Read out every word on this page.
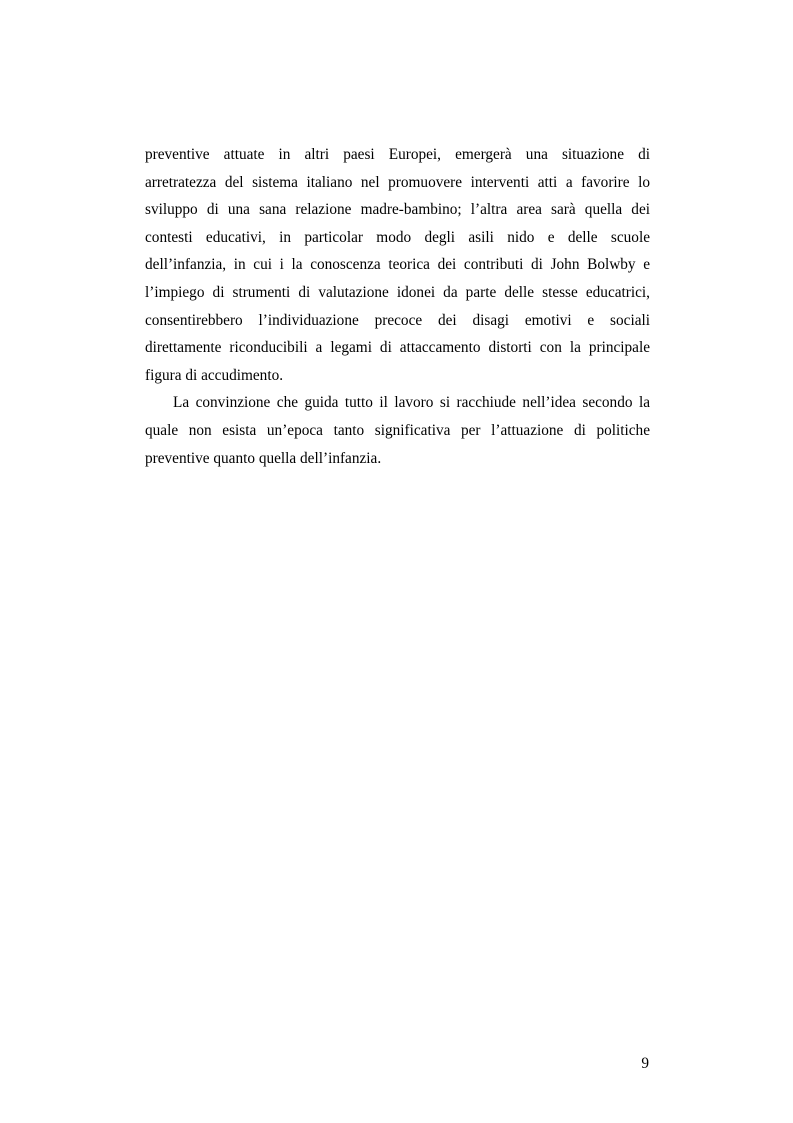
preventive attuate in altri paesi Europei, emergerà una situazione di
arretratezza del sistema italiano nel promuovere interventi atti a favorire lo
sviluppo di una sana relazione madre-bambino; l’altra area sarà quella dei
contesti educativi, in particolar modo degli asili nido e delle scuole
dell’infanzia, in cui i la conoscenza teorica dei contributi di John Bolwby e
l’impiego di strumenti di valutazione idonei da parte delle stesse educatrici,
consentirebbero l’individuazione precoce dei disagi emotivi e sociali
direttamente riconducibili a legami di attaccamento distorti con la principale
figura di accudimento.
La convinzione che guida tutto il lavoro si racchiude nell’idea secondo la
quale non esista un’epoca tanto significativa per l’attuazione di politiche
preventive quanto quella dell’infanzia.
9
